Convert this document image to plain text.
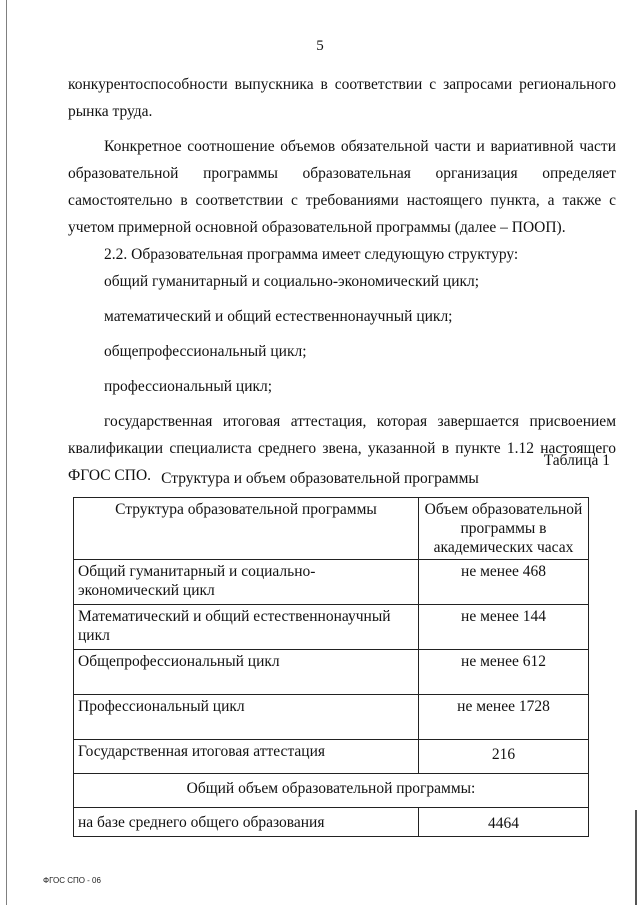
5

конкурентоспособности выпускника в соответствии с запросами регионального рынка труда.

Конкретное соотношение объемов обязательной части и вариативной части образовательной программы образовательная организация определяет самостоятельно в соответствии с требованиями настоящего пункта, а также с учетом примерной основной образовательной программы (далее – ПООП).

2.2. Образовательная программа имеет следующую структуру:

общий гуманитарный и социально-экономический цикл;

математический и общий естественнонаучный цикл;

общепрофессиональный цикл;

профессиональный цикл;

государственная итоговая аттестация, которая завершается присвоением квалификации специалиста среднего звена, указанной в пункте 1.12 настоящего ФГОС СПО.

Таблица 1
Структура и объем образовательной программы
Структура образовательной программы	Объем образовательной программы в академических часах
Общий гуманитарный и социально-экономический цикл	не менее 468
Математический и общий естественнонаучный цикл	не менее 144
Общепрофессиональный цикл	не менее 612
Профессиональный цикл	не менее 1728
Государственная итоговая аттестация	216
Общий объем образовательной программы:	
на базе среднего общего образования	4464
ФГОС СПО - 06
